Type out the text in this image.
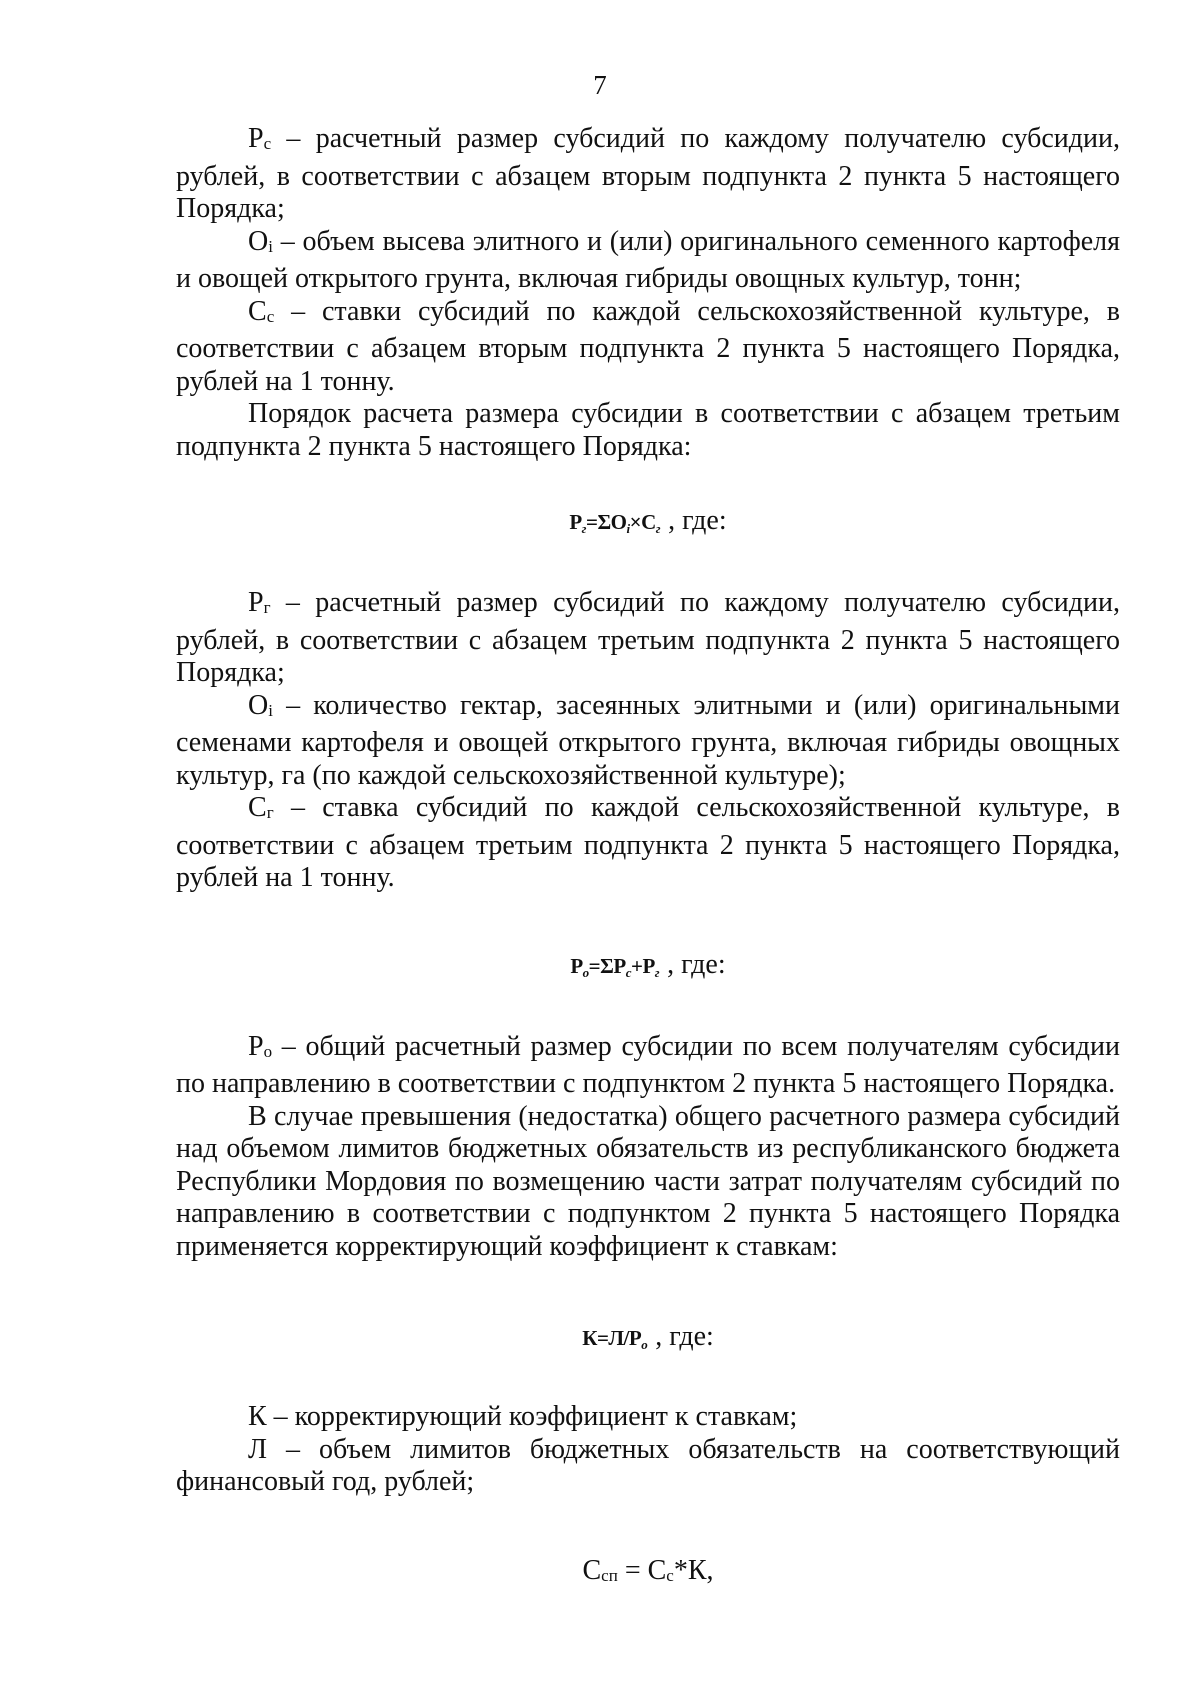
7

$Р_с$ – расчетный размер субсидий по каждому получателю субсидии, рублей, в соответствии с абзацем вторым подпункта 2 пункта 5 настоящего Порядка;

$О_i$ – объем высева элитного и (или) оригинального семенного картофеля и овощей открытого грунта, включая гибриды овощных культур, тонн;

$С_с$ – ставки субсидий по каждой сельскохозяйственной культуре, в соответствии с абзацем вторым подпункта 2 пункта 5 настоящего Порядка, рублей на 1 тонну.

Порядок расчета размера субсидии в соответствии с абзацем третьим подпункта 2 пункта 5 настоящего Порядка:

$Р_г=\Sigma О_i\times С_г$ , где:

$Р_г$ – расчетный размер субсидий по каждому получателю субсидии, рублей, в соответствии с абзацем третьим подпункта 2 пункта 5 настоящего Порядка;

$О_i$ – количество гектар, засеянных элитными и (или) оригинальными семенами картофеля и овощей открытого грунта, включая гибриды овощных культур, га (по каждой сельскохозяйственной культуре);

$С_г$ – ставка субсидий по каждой сельскохозяйственной культуре, в соответствии с абзацем третьим подпункта 2 пункта 5 настоящего Порядка, рублей на 1 тонну.

$Р_о=\Sigma Р_с+Р_г$ , где:

$Р_о$ – общий расчетный размер субсидии по всем получателям субсидии по направлению в соответствии с подпунктом 2 пункта 5 настоящего Порядка.

В случае превышения (недостатка) общего расчетного размера субсидий над объемом лимитов бюджетных обязательств из республиканского бюджета Республики Мордовия по возмещению части затрат получателям субсидий по направлению в соответствии с подпунктом 2 пункта 5 настоящего Порядка применяется корректирующий коэффициент к ставкам:

$К=Л/Р_о$ , где:

К – корректирующий коэффициент к ставкам;

Л – объем лимитов бюджетных обязательств на соответствующий финансовый год, рублей;

$С_{сп} = С_с*К$,
